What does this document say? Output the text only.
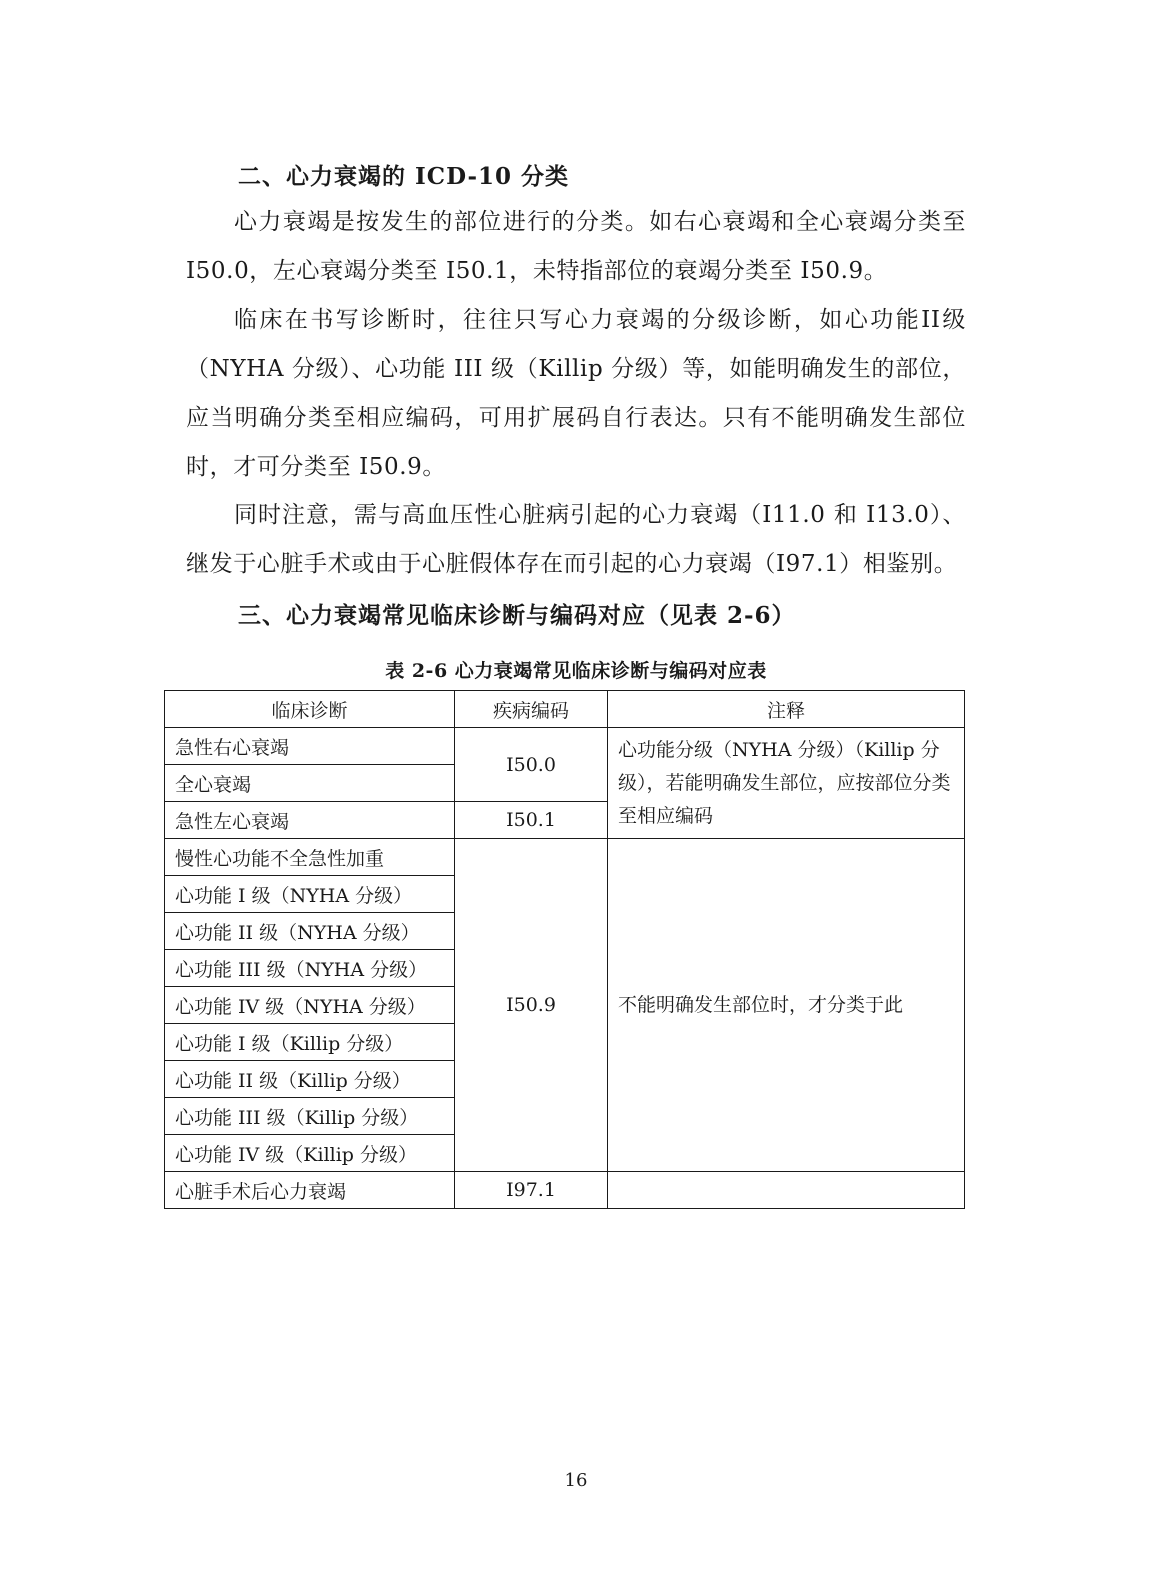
二、心力衰竭的 ICD-10 分类

心力衰竭是按发生的部位进行的分类。如右心衰竭和全心衰竭分类至 I50.0，左心衰竭分类至 I50.1，未特指部位的衰竭分类至 I50.9。

临床在书写诊断时，往往只写心力衰竭的分级诊断，如心功能II级（NYHA 分级）、心功能 III 级（Killip 分级）等，如能明确发生的部位，应当明确分类至相应编码，可用扩展码自行表达。只有不能明确发生部位时，才可分类至 I50.9。

同时注意，需与高血压性心脏病引起的心力衰竭（I11.0 和 I13.0）、继发于心脏手术或由于心脏假体存在而引起的心力衰竭（I97.1）相鉴别。

三、心力衰竭常见临床诊断与编码对应（见表 2-6）
表 2-6 心力衰竭常见临床诊断与编码对应表
临床诊断	疾病编码	注释
急性右心衰竭	I50.0	心功能分级（NYHA 分级）（Killip 分级），若能明确发生部位，应按部位分类至相应编码
全心衰竭		
急性左心衰竭	I50.1	
慢性心功能不全急性加重	I50.9	不能明确发生部位时，才分类于此
心功能 I 级（NYHA 分级）		
心功能 II 级（NYHA 分级）		
心功能 III 级（NYHA 分级）		
心功能 IV 级（NYHA 分级）		
心功能 I 级（Killip 分级）		
心功能 II 级（Killip 分级）		
心功能 III 级（Killip 分级）		
心功能 IV 级（Killip 分级）		
心脏手术后心力衰竭	I97.1	
16
